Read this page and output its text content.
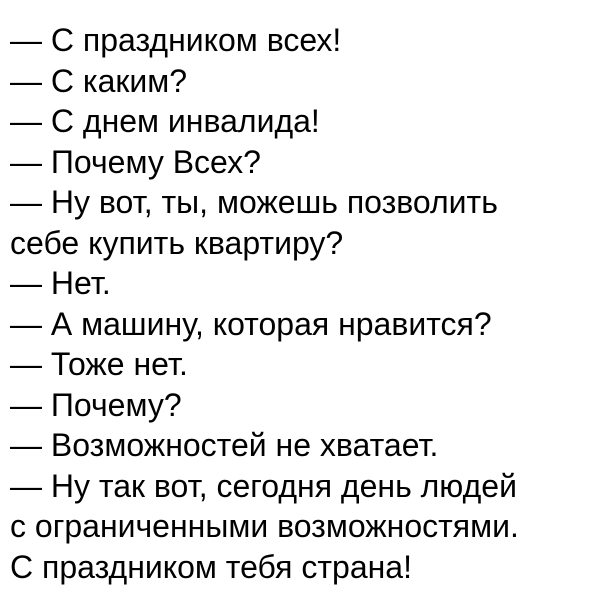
— С праздником всех!
— С каким?
— С днем инвалида!
— Почему Всех?
— Ну вот, ты, можешь позволить
себе купить квартиру?
— Нет.
— А машину, которая нравится?
— Тоже нет.
— Почему?
— Возможностей не хватает.
— Ну так вот, сегодня день людей
с ограниченными возможностями.
С праздником тебя страна!
